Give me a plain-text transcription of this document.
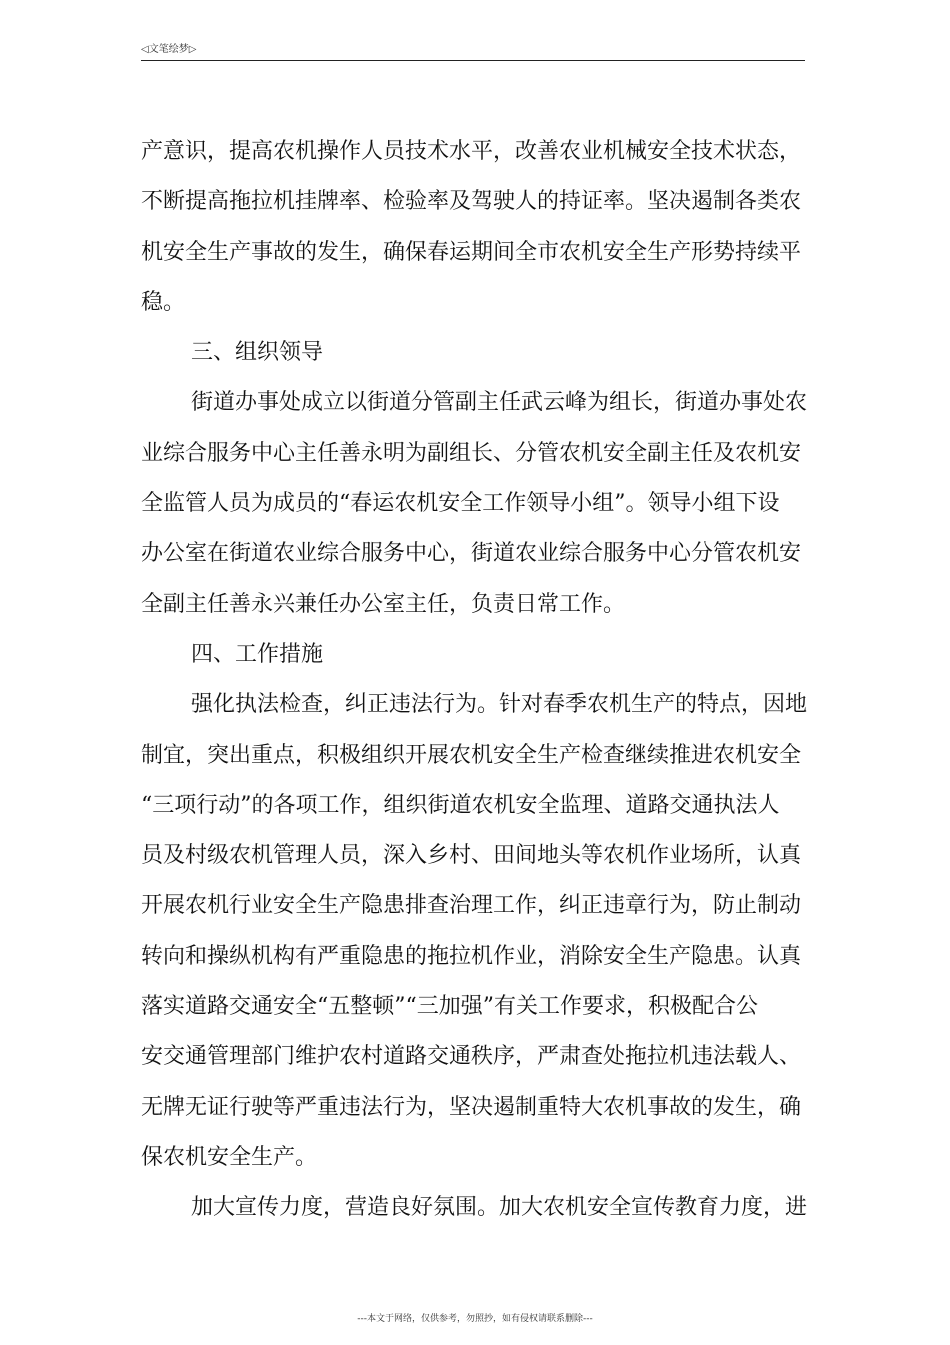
◁文笔绘梦▷
产意识，提高农机操作人员技术水平，改善农业机械安全技术状态，
不断提高拖拉机挂牌率、检验率及驾驶人的持证率。坚决遏制各类农
机安全生产事故的发生，确保春运期间全市农机安全生产形势持续平
稳。
三、组织领导
街道办事处成立以街道分管副主任武云峰为组长，街道办事处农
业综合服务中心主任善永明为副组长、分管农机安全副主任及农机安
全监管人员为成员的“春运农机安全工作领导小组”。领导小组下设
办公室在街道农业综合服务中心，街道农业综合服务中心分管农机安
全副主任善永兴兼任办公室主任，负责日常工作。
四、工作措施
强化执法检查，纠正违法行为。针对春季农机生产的特点，因地
制宜，突出重点，积极组织开展农机安全生产检查继续推进农机安全
“三项行动”的各项工作，组织街道农机安全监理、道路交通执法人
员及村级农机管理人员，深入乡村、田间地头等农机作业场所，认真
开展农机行业安全生产隐患排查治理工作，纠正违章行为，防止制动
转向和操纵机构有严重隐患的拖拉机作业，消除安全生产隐患。认真
落实道路交通安全“五整顿”“三加强”有关工作要求，积极配合公
安交通管理部门维护农村道路交通秩序，严肃查处拖拉机违法载人、
无牌无证行驶等严重违法行为，坚决遏制重特大农机事故的发生，确
保农机安全生产。
加大宣传力度，营造良好氛围。加大农机安全宣传教育力度，进
---本文于网络，仅供参考，勿照抄，如有侵权请联系删除---
